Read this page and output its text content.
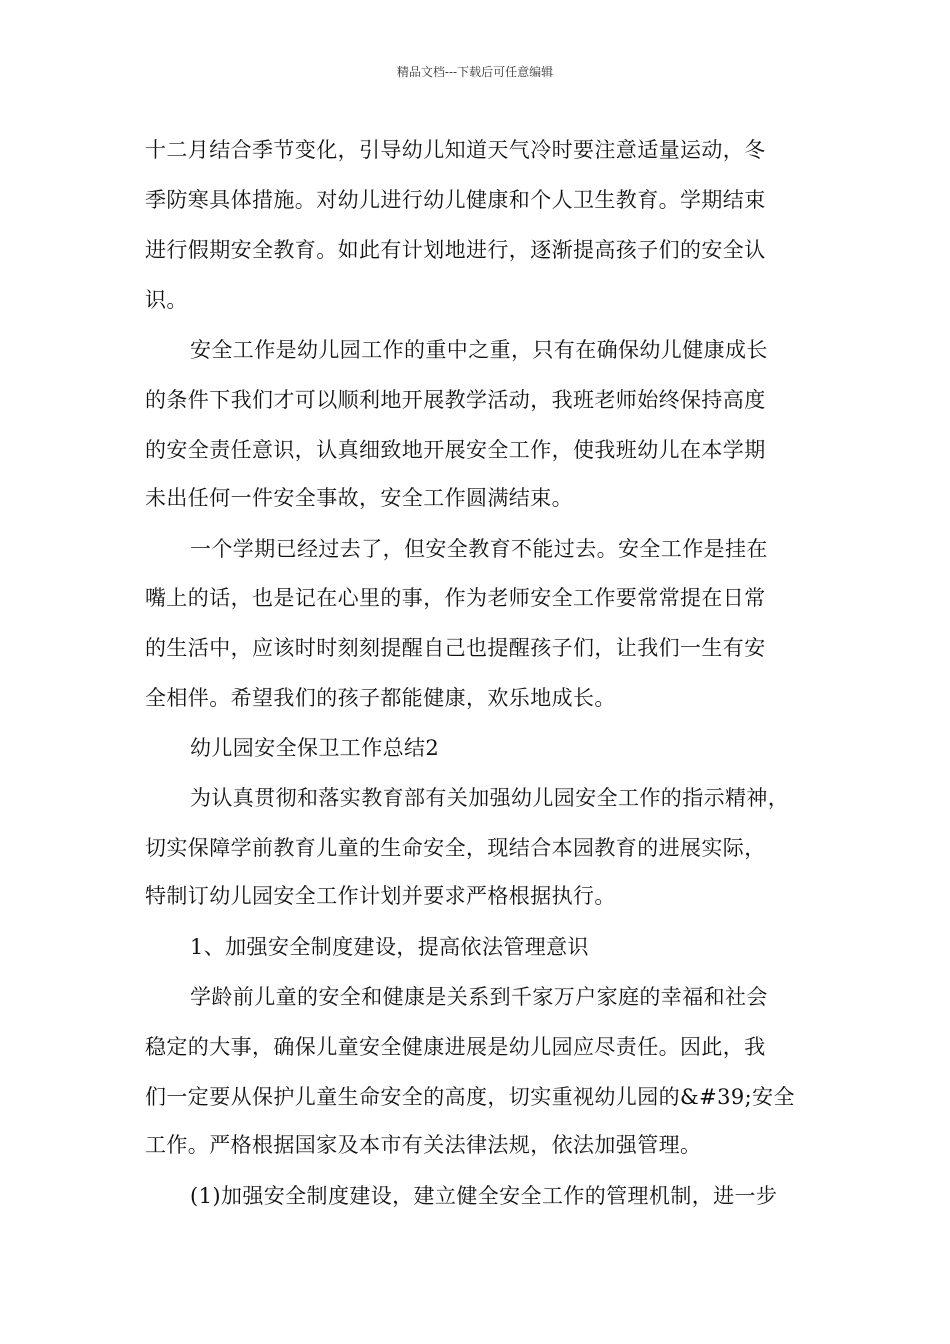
精品文档---下载后可任意编辑
十二月结合季节变化，引导幼儿知道天气冷时要注意适量运动，冬
季防寒具体措施。对幼儿进行幼儿健康和个人卫生教育。学期结束
进行假期安全教育。如此有计划地进行，逐渐提高孩子们的安全认
识。
安全工作是幼儿园工作的重中之重，只有在确保幼儿健康成长
的条件下我们才可以顺利地开展教学活动，我班老师始终保持高度
的安全责任意识，认真细致地开展安全工作，使我班幼儿在本学期
未出任何一件安全事故，安全工作圆满结束。
一个学期已经过去了，但安全教育不能过去。安全工作是挂在
嘴上的话，也是记在心里的事，作为老师安全工作要常常提在日常
的生活中，应该时时刻刻提醒自己也提醒孩子们，让我们一生有安
全相伴。希望我们的孩子都能健康，欢乐地成长。
幼儿园安全保卫工作总结2
为认真贯彻和落实教育部有关加强幼儿园安全工作的指示精神，
切实保障学前教育儿童的生命安全，现结合本园教育的进展实际，
特制订幼儿园安全工作计划并要求严格根据执行。
1、加强安全制度建设，提高依法管理意识
学龄前儿童的安全和健康是关系到千家万户家庭的幸福和社会
稳定的大事，确保儿童安全健康进展是幼儿园应尽责任。因此，我
们一定要从保护儿童生命安全的高度，切实重视幼儿园的&#39;安全
工作。严格根据国家及本市有关法律法规，依法加强管理。
(1)加强安全制度建设，建立健全安全工作的管理机制，进一步
